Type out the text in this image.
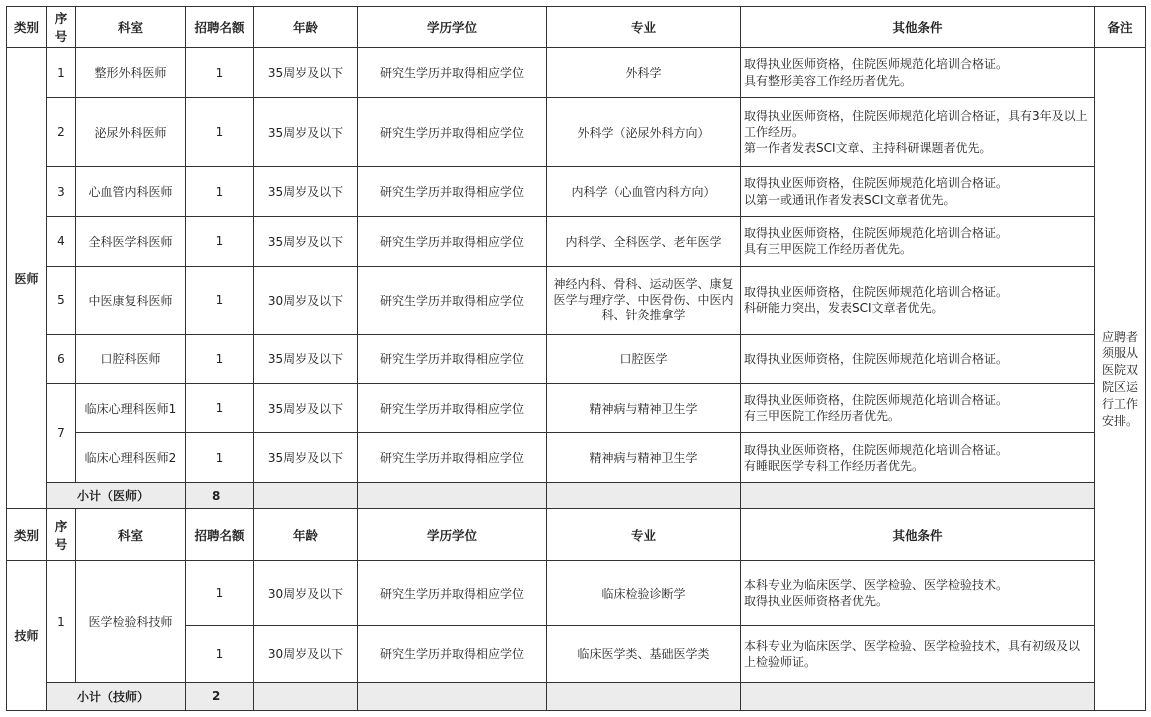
类别	序号	科室	招聘名额	年龄	学历学位	专业	其他条件	备注
医师	1	整形外科医师	1	35周岁及以下	研究生学历并取得相应学位	外科学	取得执业医师资格，住院医师规范化培训合格证。
具有整形美容工作经历者优先。	应聘者须服从医院双院区运行工作安排。
	2	泌尿外科医师	1	35周岁及以下	研究生学历并取得相应学位	外科学（泌尿外科方向）	取得执业医师资格，住院医师规范化培训合格证，具有3年及以上工作经历。
第一作者发表SCI文章、主持科研课题者优先。	
	3	心血管内科医师	1	35周岁及以下	研究生学历并取得相应学位	内科学（心血管内科方向）	取得执业医师资格，住院医师规范化培训合格证。
以第一或通讯作者发表SCI文章者优先。	
	4	全科医学科医师	1	35周岁及以下	研究生学历并取得相应学位	内科学、全科医学、老年医学	取得执业医师资格，住院医师规范化培训合格证。
具有三甲医院工作经历者优先。	
	5	中医康复科医师	1	30周岁及以下	研究生学历并取得相应学位	神经内科、骨科、运动医学、康复医学与理疗学、中医骨伤、中医内科、针灸推拿学	取得执业医师资格，住院医师规范化培训合格证。
科研能力突出，发表SCI文章者优先。	
	6	口腔科医师	1	35周岁及以下	研究生学历并取得相应学位	口腔医学	取得执业医师资格，住院医师规范化培训合格证。	
	7	临床心理科医师1	1	35周岁及以下	研究生学历并取得相应学位	精神病与精神卫生学	取得执业医师资格，住院医师规范化培训合格证。
有三甲医院工作经历者优先。	
		临床心理科医师2	1	35周岁及以下	研究生学历并取得相应学位	精神病与精神卫生学	取得执业医师资格，住院医师规范化培训合格证。
有睡眠医学专科工作经历者优先。	
	小计（医师）		8					
类别	序号	科室	招聘名额	年龄	学历学位	专业	其他条件	
技师	1	医学检验科技师	1	30周岁及以下	研究生学历并取得相应学位	临床检验诊断学	本科专业为临床医学、医学检验、医学检验技术。
取得执业医师资格者优先。	
			1	30周岁及以下	研究生学历并取得相应学位	临床医学类、基础医学类	本科专业为临床医学、医学检验、医学检验技术，具有初级及以上检验师证。	
	小计（技师）		2					
